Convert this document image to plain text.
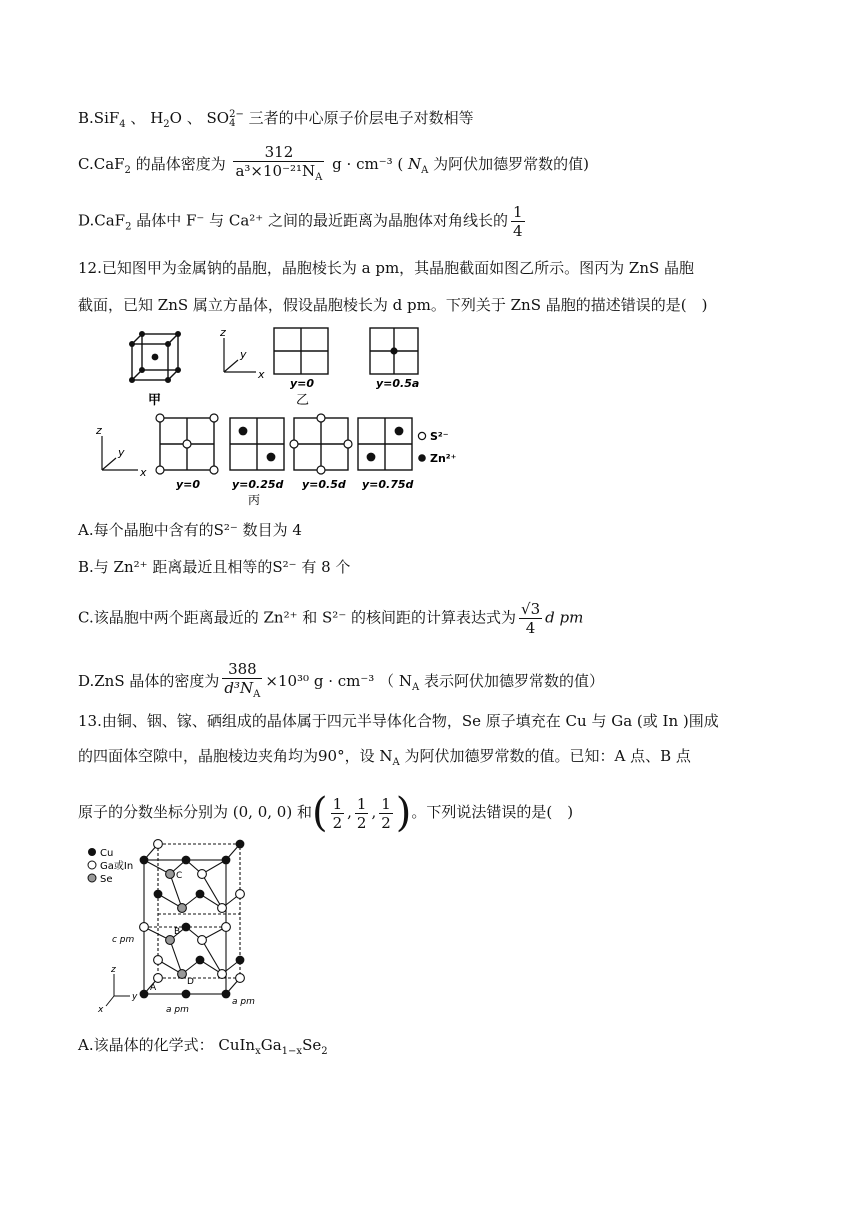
B.SiF$_4$ 、 $H_2O$ 、 SO 2−
4 三者的中心原子价层电子对数相等
C.CaF$_2$ 的晶体密度为 $\frac{312}{a^3\times 10^{-21}N_A}$ g · cm⁻³ ( $N_A$ 为阿伏加德罗常数的值)
D.CaF$_2$ 晶体中 F⁻ 与 Ca²⁺ 之间的最近距离为晶胞体对角线长的 $\frac{1}{4}$
12.已知图甲为金属钠的晶胞，晶胞棱长为 a pm，其晶胞截面如图乙所示。图丙为 ZnS 晶胞
截面，已知 ZnS 属立方晶体，假设晶胞棱长为 d pm。下列关于 ZnS 晶胞的描述错误的是(　)
甲
z
y
x
y=0
乙
y=0.5a
z
y
x
S²⁻
Zn²⁺
y=0	y=0.25d y=0.5d y=0.75d
丙
A.每个晶胞中含有的S²⁻ 数目为 4
B.与 Zn²⁺ 距离最近且相等的S²⁻ 有 8 个
C.该晶胞中两个距离最近的 Zn²⁺ 和 S²⁻ 的核间距的计算表达式为 $\frac{√3}{4}$ d pm
D.ZnS 晶体的密度为 $\frac{388}{d^3N_A} \times 10^{30}$ g · cm⁻³ （ $N_A$ 表示阿伏加德罗常数的值）
13.由铜、铟、镓、硒组成的晶体属于四元半导体化合物，Se 原子填充在 Cu 与 Ga (或 In )围成
的四面体空隙中，晶胞棱边夹角均为90°，设 $N_A$ 为阿伏加德罗常数的值。已知：A 点、B 点
原子的分数坐标分别为 (0, 0, 0) 和( $\frac{1}{2}$ , $\frac{1}{2}$ , $\frac{1}{2}$ )。下列说法错误的是(　)
Cu
Ga或In
Se	C
B
A
D
c pm
a pm
a pm
z
y
x
A.该晶体的化学式： $CuIn_xGa_{1-x}Se_2$
